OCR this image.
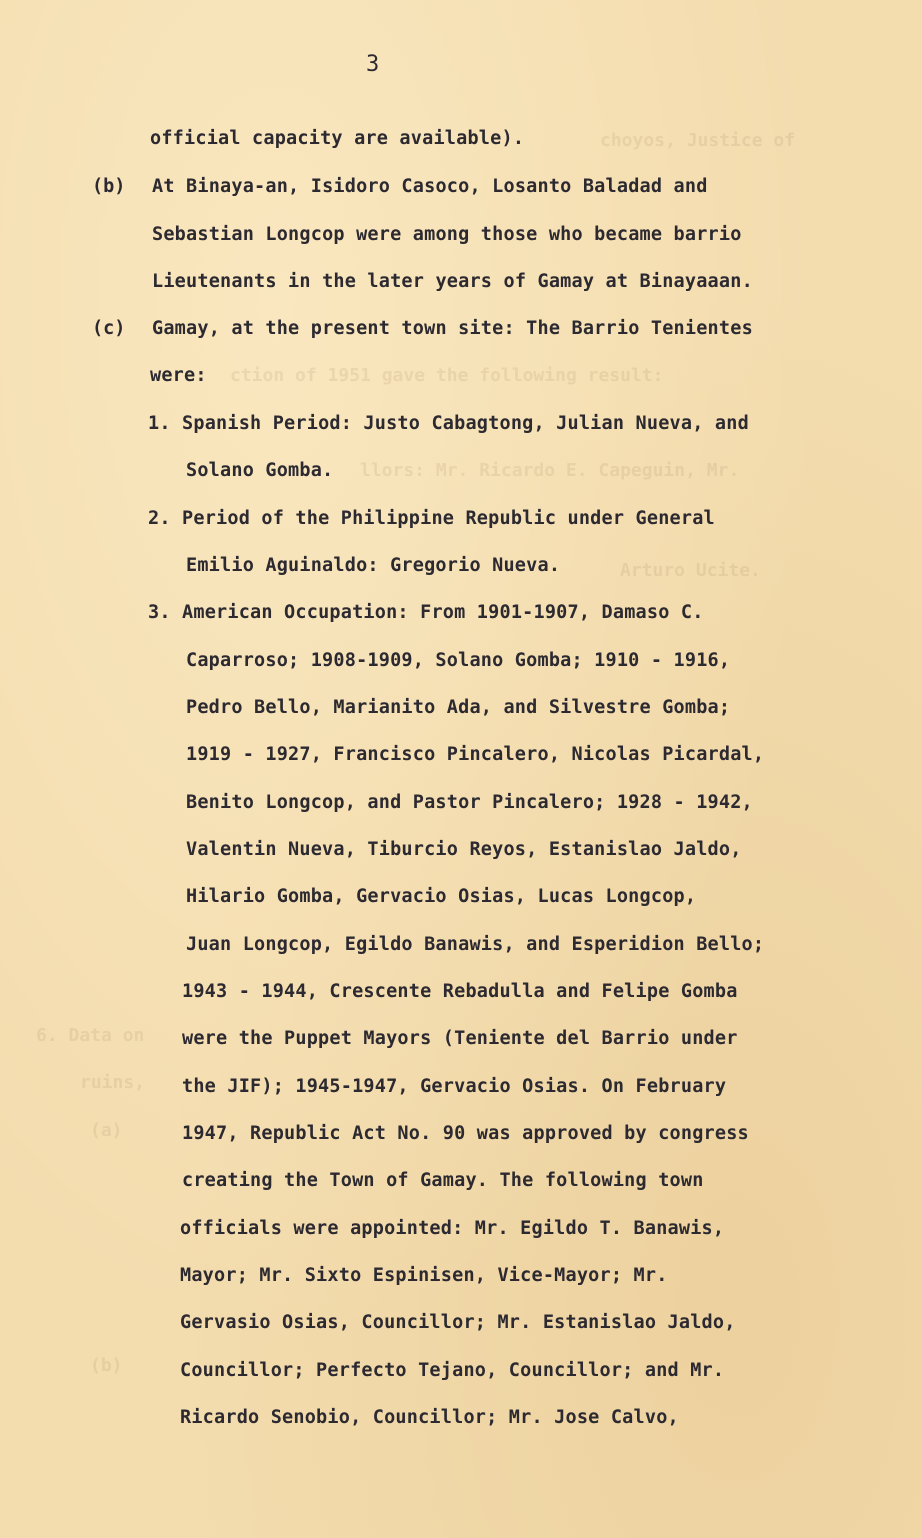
choyos, Justice of
ction of 1951 gave the following result:
llors: Mr. Ricardo E. Capeguin, Mr.
Arturo Ucite.
6. Data on
ruins,
(a)
(b)
3
(b)
(c)
official capacity are available).
At Binaya-an, Isidoro Casoco, Losanto Baladad and
Sebastian Longcop were among those who became barrio
Lieutenants in the later years of Gamay at Binayaaan.
Gamay, at the present town site: The Barrio Tenientes
were:
1. Spanish Period: Justo Cabagtong, Julian Nueva, and
Solano Gomba.
2. Period of the Philippine Republic under General
Emilio Aguinaldo: Gregorio Nueva.
3. American Occupation: From 1901-1907, Damaso C.
Caparroso; 1908-1909, Solano Gomba; 1910 - 1916,
Pedro Bello, Marianito Ada, and Silvestre Gomba;
1919 - 1927, Francisco Pincalero, Nicolas Picardal,
Benito Longcop, and Pastor Pincalero; 1928 - 1942,
Valentin Nueva, Tiburcio Reyos, Estanislao Jaldo,
Hilario Gomba, Gervacio Osias, Lucas Longcop,
Juan Longcop, Egildo Banawis, and Esperidion Bello;
1943 - 1944, Crescente Rebadulla and Felipe Gomba
were the Puppet Mayors (Teniente del Barrio under
the JIF); 1945-1947, Gervacio Osias. On February
1947, Republic Act No. 90 was approved by congress
creating the Town of Gamay. The following town
officials were appointed: Mr. Egildo T. Banawis,
Mayor; Mr. Sixto Espinisen, Vice-Mayor; Mr.
Gervasio Osias, Councillor; Mr. Estanislao Jaldo,
Councillor; Perfecto Tejano, Councillor; and Mr.
Ricardo Senobio, Councillor; Mr. Jose Calvo,
